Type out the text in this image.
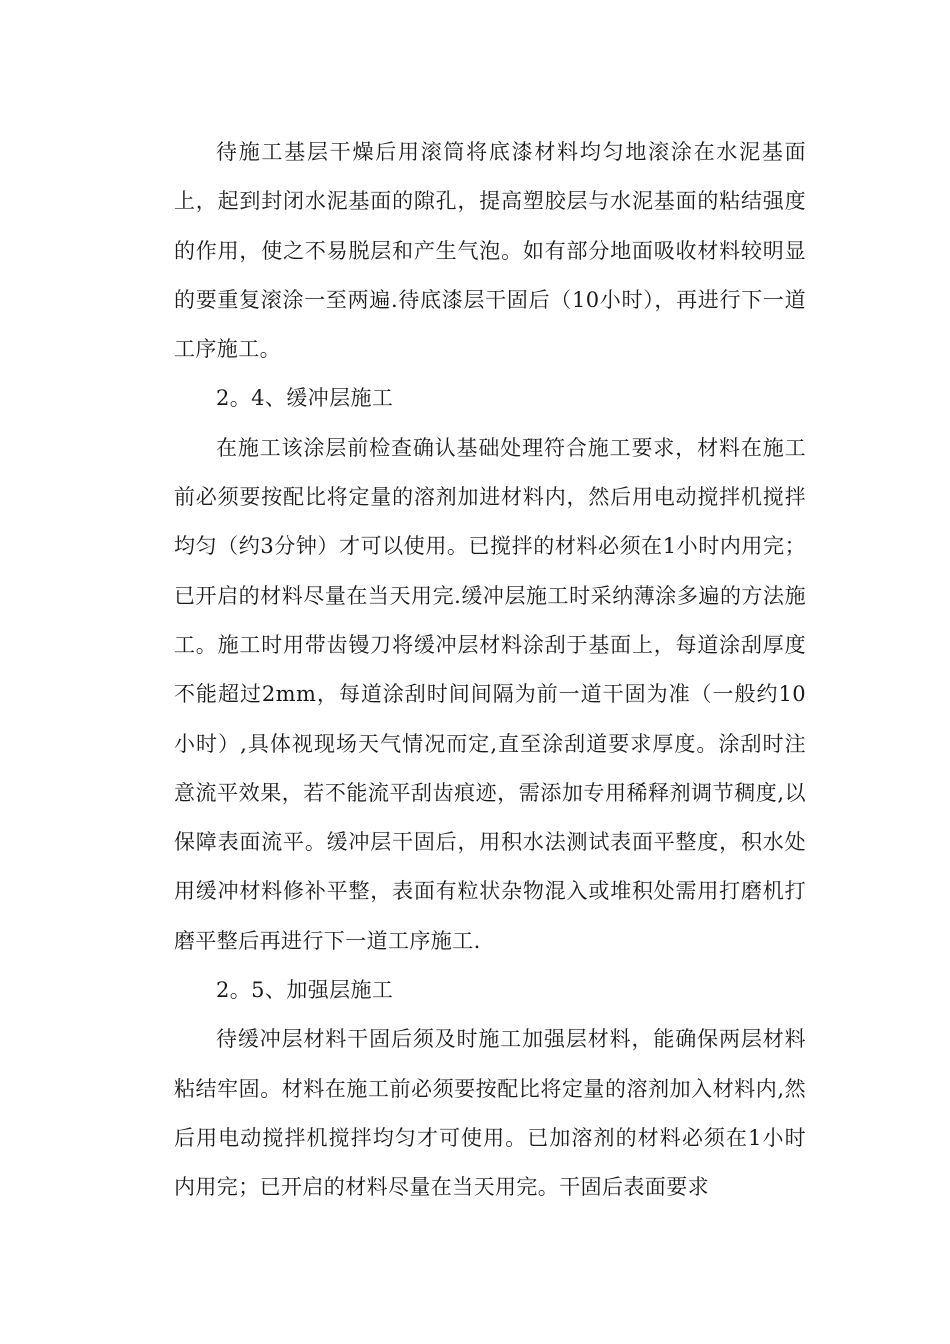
待施工基层干燥后用滚筒将底漆材料均匀地滚涂在水泥基面上，起到封闭水泥基面的隙孔，提高塑胶层与水泥基面的粘结强度的作用，使之不易脱层和产生气泡。如有部分地面吸收材料较明显的要重复滚涂一至两遍.待底漆层干固后（10小时），再进行下一道工序施工。

2。4、缓冲层施工

在施工该涂层前检查确认基础处理符合施工要求，材料在施工前必须要按配比将定量的溶剂加进材料内，然后用电动搅拌机搅拌均匀（约3分钟）才可以使用。已搅拌的材料必须在1小时内用完；已开启的材料尽量在当天用完.缓冲层施工时采纳薄涂多遍的方法施工。施工时用带齿镘刀将缓冲层材料涂刮于基面上，每道涂刮厚度不能超过2mm，每道涂刮时间间隔为前一道干固为准（一般约10小时）,具体视现场天气情况而定,直至涂刮道要求厚度。涂刮时注意流平效果，若不能流平刮齿痕迹，需添加专用稀释剂调节稠度,以保障表面流平。缓冲层干固后，用积水法测试表面平整度，积水处用缓冲材料修补平整，表面有粒状杂物混入或堆积处需用打磨机打磨平整后再进行下一道工序施工.

2。5、加强层施工

待缓冲层材料干固后须及时施工加强层材料，能确保两层材料粘结牢固。材料在施工前必须要按配比将定量的溶剂加入材料内,然后用电动搅拌机搅拌均匀才可使用。已加溶剂的材料必须在1小时内用完；已开启的材料尽量在当天用完。干固后表面要求
